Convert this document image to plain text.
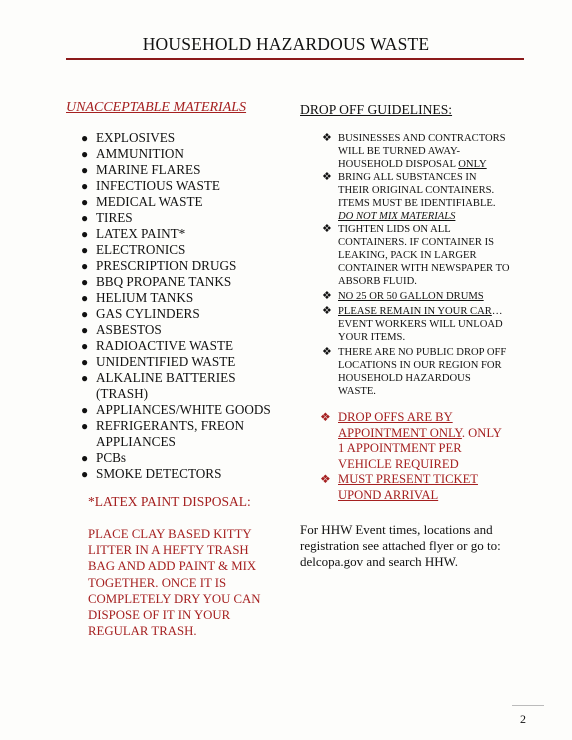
HOUSEHOLD HAZARDOUS WASTE
UNACCEPTABLE MATERIALS
● EXPLOSIVES
● AMMUNITION
● MARINE FLARES
● INFECTIOUS WASTE
● MEDICAL WASTE
● TIRES
● LATEX PAINT*
● ELECTRONICS
● PRESCRIPTION DRUGS
● BBQ PROPANE TANKS
● HELIUM TANKS
● GAS CYLINDERS
● ASBESTOS
● RADIOACTIVE WASTE
● UNIDENTIFIED WASTE
● ALKALINE BATTERIES (TRASH)
● APPLIANCES/WHITE GOODS
● REFRIGERANTS, FREON APPLIANCES
● PCBs
● SMOKE DETECTORS
*LATEX PAINT DISPOSAL:
PLACE CLAY BASED KITTY LITTER IN A HEFTY TRASH BAG AND ADD PAINT & MIX TOGETHER. ONCE IT IS COMPLETELY DRY YOU CAN DISPOSE OF IT IN YOUR REGULAR TRASH.
DROP OFF GUIDELINES:
❖ BUSINESSES AND CONTRACTORS WILL BE TURNED AWAY-HOUSEHOLD DISPOSAL ONLY
❖ BRING ALL SUBSTANCES IN THEIR ORIGINAL CONTAINERS. ITEMS MUST BE IDENTIFIABLE.
DO NOT MIX MATERIALS
❖ TIGHTEN LIDS ON ALL CONTAINERS. IF CONTAINER IS LEAKING, PACK IN LARGER CONTAINER WITH NEWSPAPER TO ABSORB FLUID.
❖ NO 25 OR 50 GALLON DRUMS
❖ PLEASE REMAIN IN YOUR CAR…EVENT WORKERS WILL UNLOAD YOUR ITEMS.
❖ THERE ARE NO PUBLIC DROP OFF LOCATIONS IN OUR REGION FOR HOUSEHOLD HAZARDOUS WASTE.
❖ DROP OFFS ARE BY APPOINTMENT ONLY. ONLY 1 APPOINTMENT PER VEHICLE REQUIRED
❖ MUST PRESENT TICKET UPOND ARRIVAL
For HHW Event times, locations and registration see attached flyer or go to: delcopa.gov and search HHW.
2
